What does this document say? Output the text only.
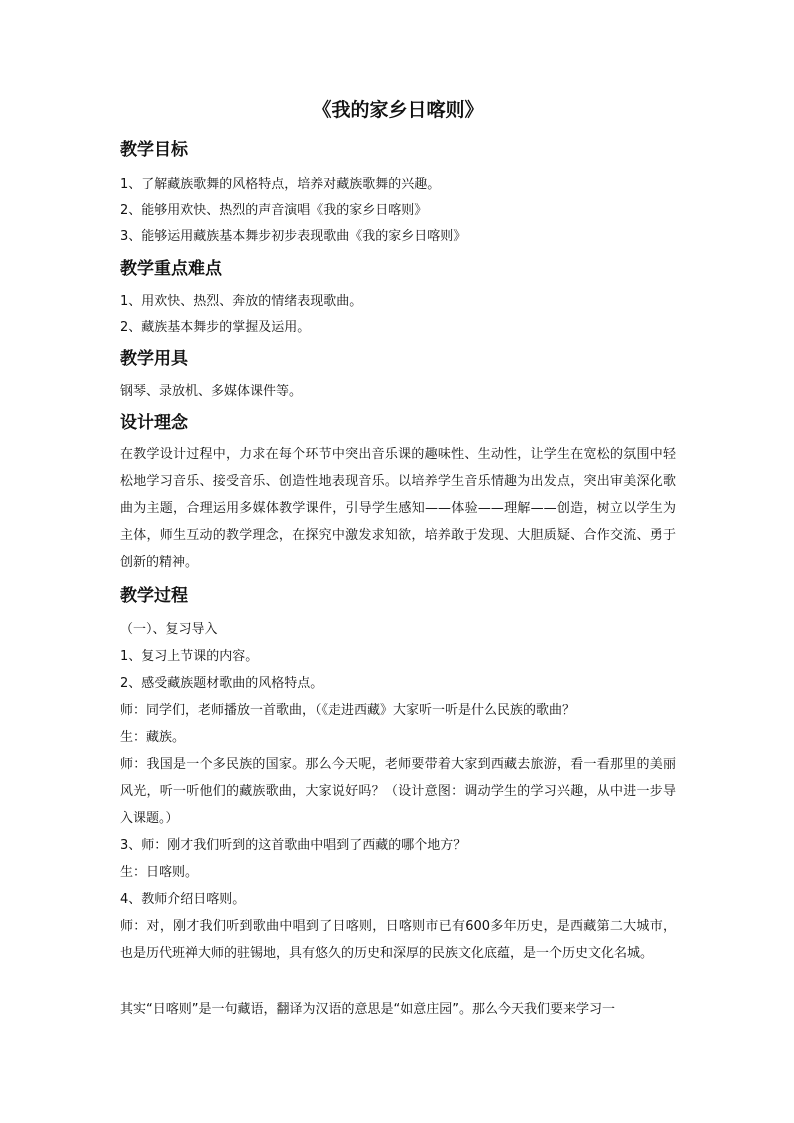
《我的家乡日喀则》
教学目标
1、了解藏族歌舞的风格特点，培养对藏族歌舞的兴趣。
2、能够用欢快、热烈的声音演唱《我的家乡日喀则》
3、能够运用藏族基本舞步初步表现歌曲《我的家乡日喀则》
教学重点难点
1、用欢快、热烈、奔放的情绪表现歌曲。
2、藏族基本舞步的掌握及运用。
教学用具
钢琴、录放机、多媒体课件等。
设计理念
在教学设计过程中，力求在每个环节中突出音乐课的趣味性、生动性，让学生在宽松的氛围中轻松地学习音乐、接受音乐、创造性地表现音乐。以培养学生音乐情趣为出发点，突出审美深化歌曲为主题，合理运用多媒体教学课件，引导学生感知——体验——理解——创造，树立以学生为主体，师生互动的教学理念，在探究中激发求知欲，培养敢于发现、大胆质疑、合作交流、勇于创新的精神。
教学过程
（一）、复习导入
1、复习上节课的内容。
2、感受藏族题材歌曲的风格特点。
师：同学们，老师播放一首歌曲，（《走进西藏》大家听一听是什么民族的歌曲？
生：藏族。
师：我国是一个多民族的国家。那么今天呢，老师要带着大家到西藏去旅游，看一看那里的美丽风光，听一听他们的藏族歌曲，大家说好吗？（设计意图：调动学生的学习兴趣，从中进一步导入课题。）
3、师：刚才我们听到的这首歌曲中唱到了西藏的哪个地方？
生：日喀则。
4、教师介绍日喀则。
师：对，刚才我们听到歌曲中唱到了日喀则，日喀则市已有600多年历史，是西藏第二大城市，也是历代班禅大师的驻锡地，具有悠久的历史和深厚的民族文化底蕴，是一个历史文化名城。
其实“日喀则”是一句藏语，翻译为汉语的意思是“如意庄园”。那么今天我们要来学习一
